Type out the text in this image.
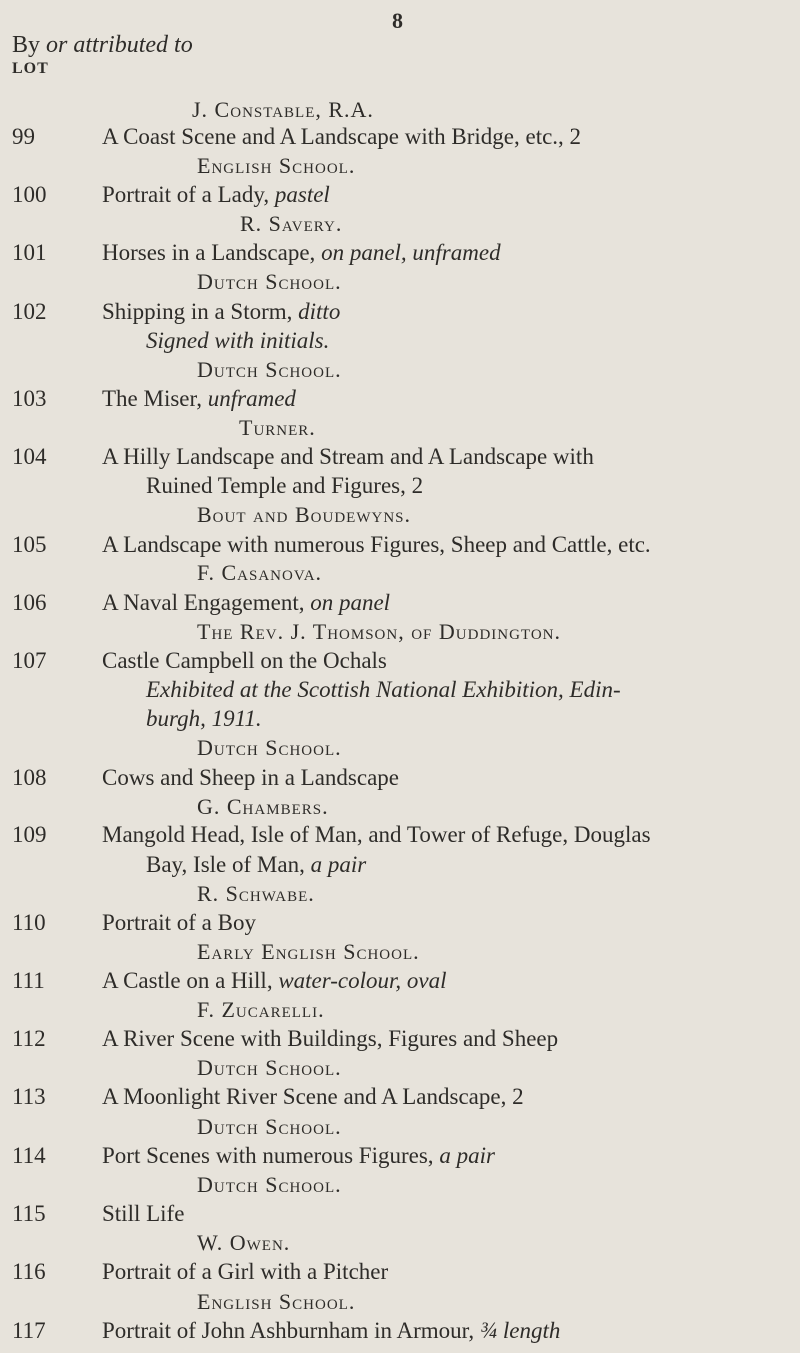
8
By or attributed to
LOT
J. Constable, R.A.
99	A Coast Scene and A Landscape with Bridge, etc., 2
English School.
100	Portrait of a Lady, pastel
R. Savery.
101	Horses in a Landscape, on panel, unframed
Dutch School.
102	Shipping in a Storm, ditto
Signed with initials.
Dutch School.
103	The Miser, unframed
Turner.
104	A Hilly Landscape and Stream and A Landscape with
Ruined Temple and Figures, 2
Bout and Boudewyns.
105	A Landscape with numerous Figures, Sheep and Cattle, etc.
F. Casanova.
106	A Naval Engagement, on panel
The Rev. J. Thomson, of Duddington.
107	Castle Campbell on the Ochals
Exhibited at the Scottish National Exhibition, Edin-
burgh, 1911.
Dutch School.
108	Cows and Sheep in a Landscape
G. Chambers.
109	Mangold Head, Isle of Man, and Tower of Refuge, Douglas
Bay, Isle of Man, a pair
R. Schwabe.
110	Portrait of a Boy
Early English School.
111	A Castle on a Hill, water-colour, oval
F. Zucarelli.
112	A River Scene with Buildings, Figures and Sheep
Dutch School.
113	A Moonlight River Scene and A Landscape, 2
Dutch School.
114	Port Scenes with numerous Figures, a pair
Dutch School.
115	Still Life
W. Owen.
116	Portrait of a Girl with a Pitcher
English School.
117	Portrait of John Ashburnham in Armour, ¾ length
